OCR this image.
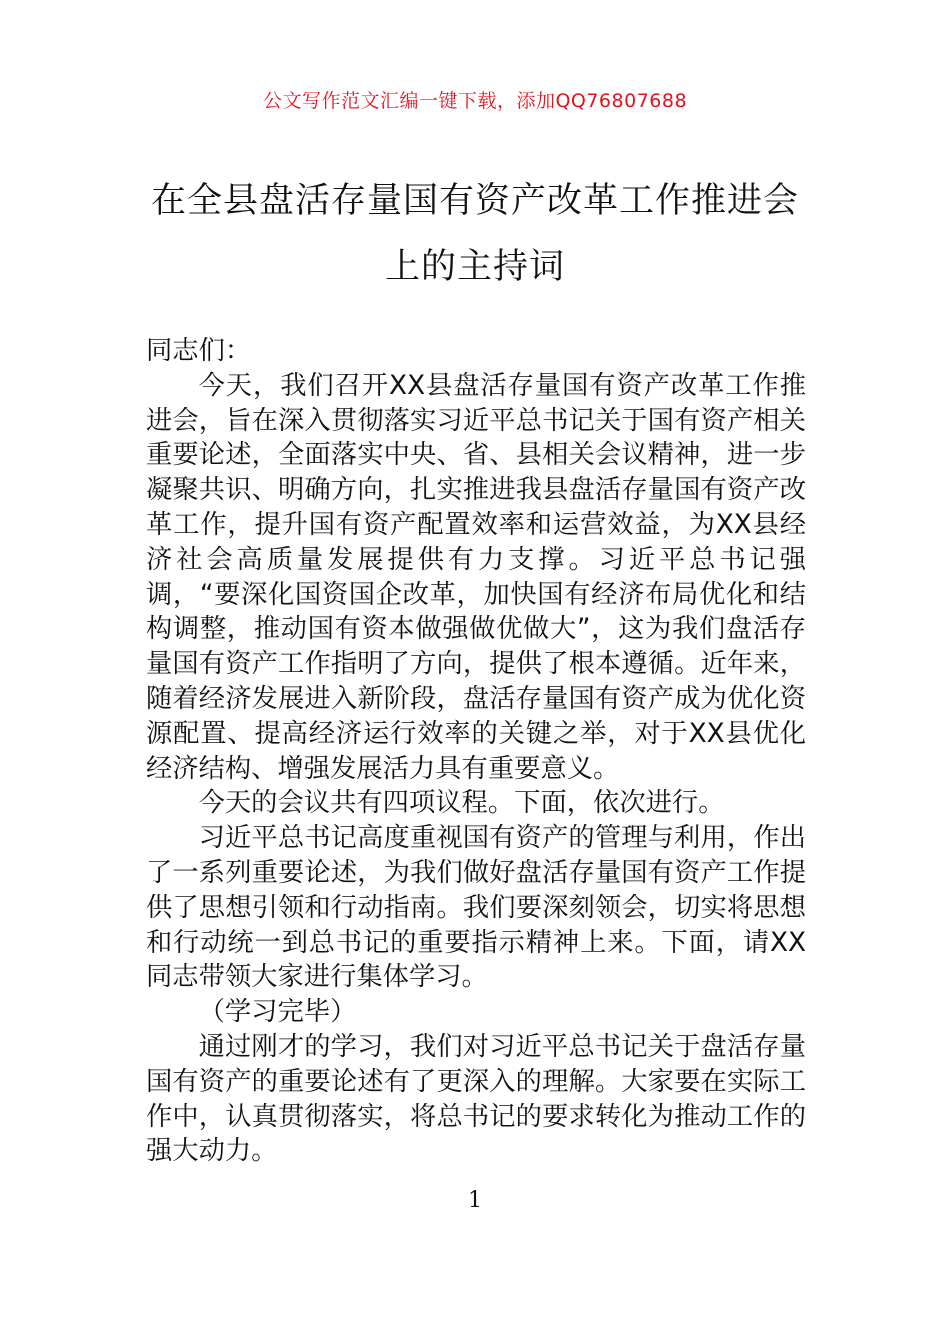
公文写作范文汇编一键下载，添加QQ76807688
在全县盘活存量国有资产改革工作推进会
上的主持词

同志们：

今天，我们召开XX县盘活存量国有资产改革工作推进会，旨在深入贯彻落实习近平总书记关于国有资产相关重要论述，全面落实中央、省、县相关会议精神，进一步凝聚共识、明确方向，扎实推进我县盘活存量国有资产改革工作，提升国有资产配置效率和运营效益，为XX县经济社会高质量发展提供有力支撑。习近平总书记强调，“要深化国资国企改革，加快国有经济布局优化和结构调整，推动国有资本做强做优做大”，这为我们盘活存量国有资产工作指明了方向，提供了根本遵循。近年来，随着经济发展进入新阶段，盘活存量国有资产成为优化资源配置、提高经济运行效率的关键之举，对于XX县优化经济结构、增强发展活力具有重要意义。

今天的会议共有四项议程。下面，依次进行。

习近平总书记高度重视国有资产的管理与利用，作出了一系列重要论述，为我们做好盘活存量国有资产工作提供了思想引领和行动指南。我们要深刻领会，切实将思想和行动统一到总书记的重要指示精神上来。下面，请XX同志带领大家进行集体学习。

（学习完毕）

通过刚才的学习，我们对习近平总书记关于盘活存量国有资产的重要论述有了更深入的理解。大家要在实际工作中，认真贯彻落实，将总书记的要求转化为推动工作的强大动力。

1
